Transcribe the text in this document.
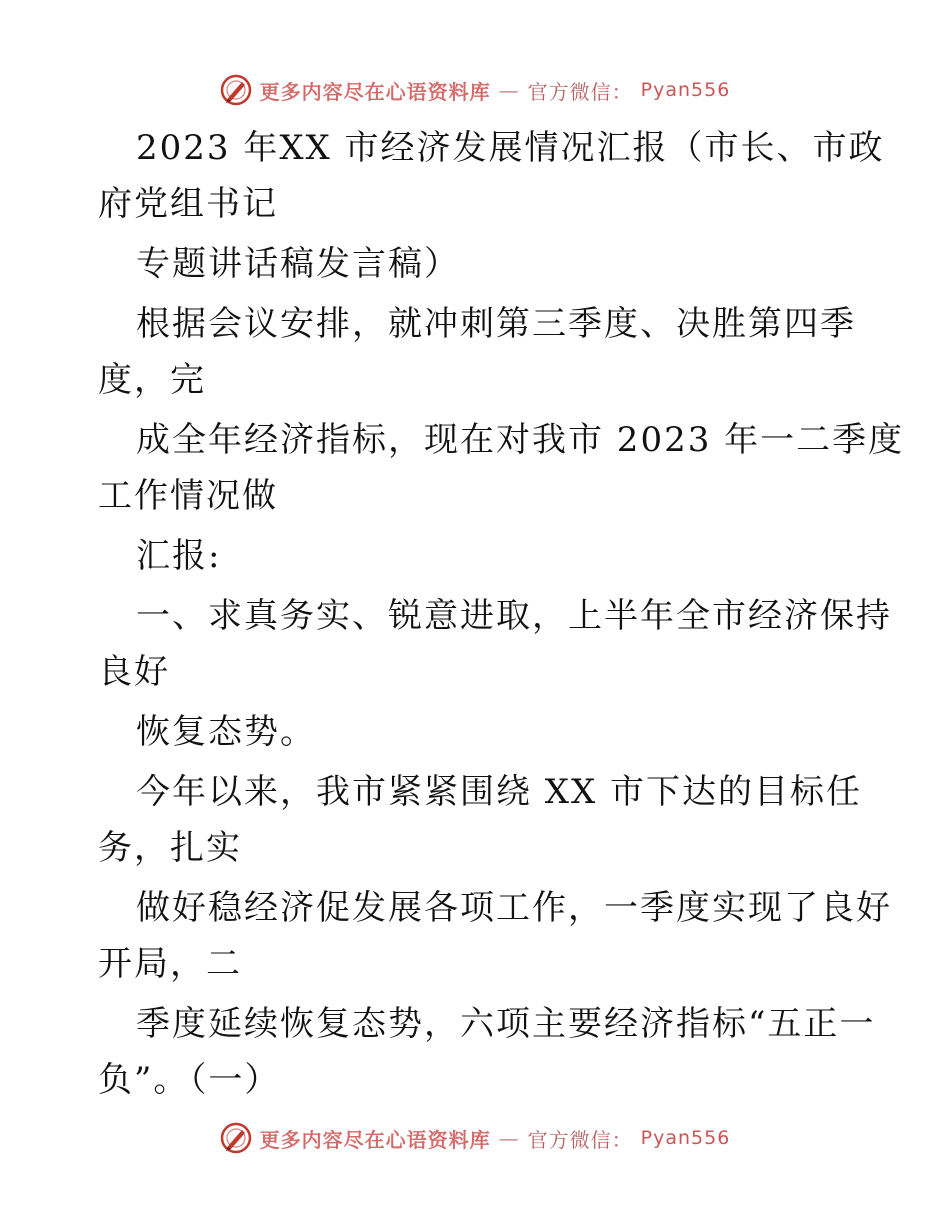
更多内容尽在心语资料库 — 官方微信： Pyan556
2023 年XX 市经济发展情况汇报（市长、市政
府党组书记
专题讲话稿发言稿）
根据会议安排，就冲刺第三季度、决胜第四季
度，完
成全年经济指标，现在对我市 2023 年一二季度
工作情况做
汇报:
一、求真务实、锐意进取，上半年全市经济保持
良好
恢复态势。
今年以来，我市紧紧围绕 XX 市下达的目标任
务，扎实
做好稳经济促发展各项工作，一季度实现了良好
开局，二
季度延续恢复态势，六项主要经济指标“五正一
负”。（一）
更多内容尽在心语资料库 — 官方微信： Pyan556
